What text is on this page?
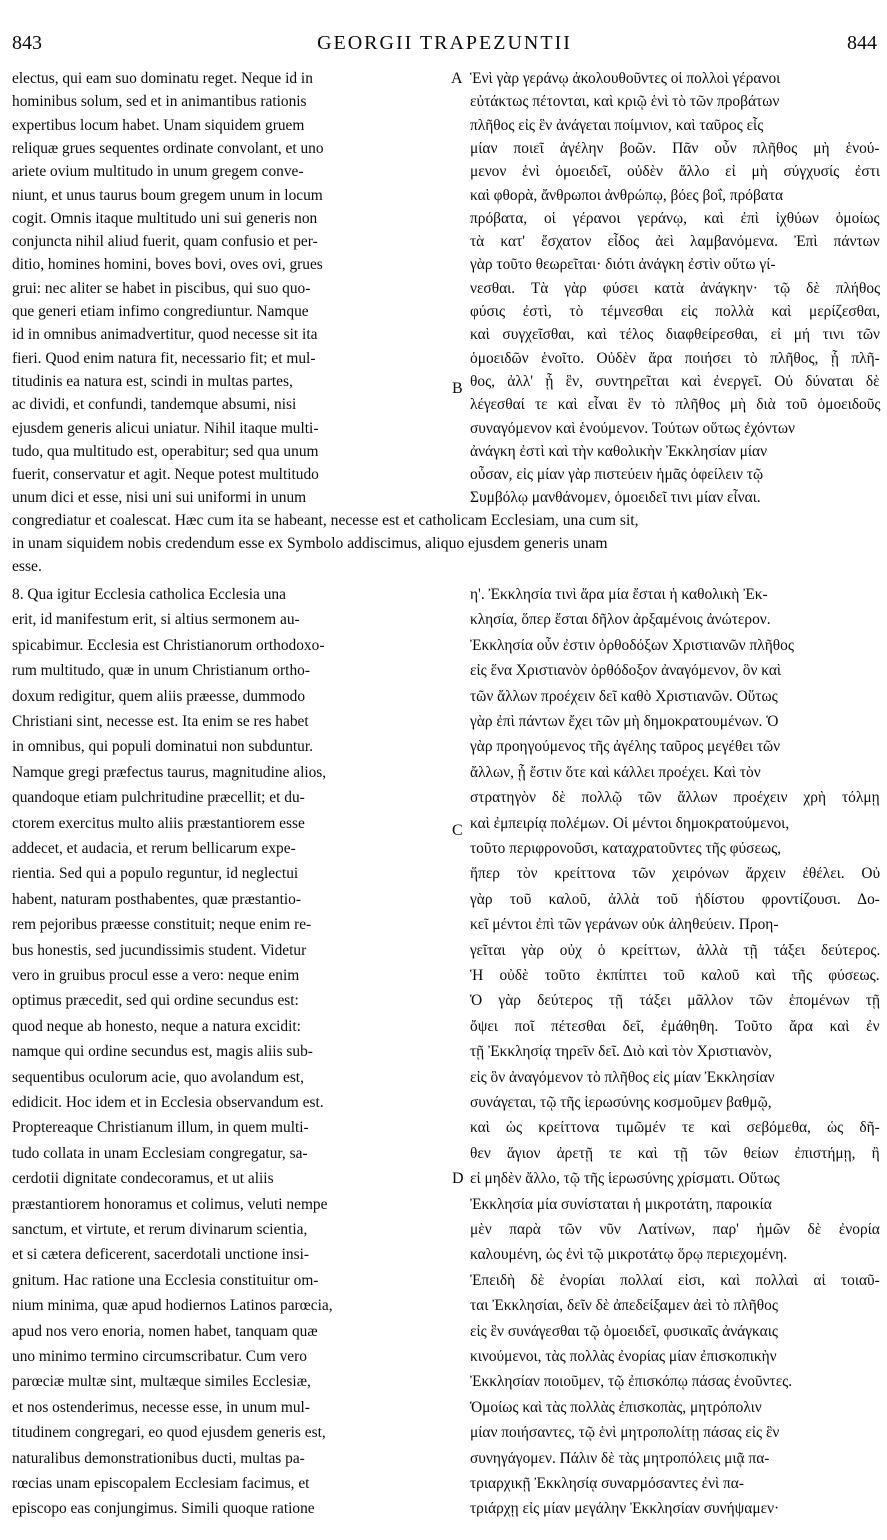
843	GEORGII TRAPEZUNTII	844
electus, qui eam suo dominatu reget. Neque id in
hominibus solum, sed et in animantibus rationis
expertibus locum habet. Unam siquidem gruem
reliquæ grues sequentes ordinate convolant, et uno
ariete ovium multitudo in unum gregem conve-
niunt, et unus taurus boum gregem unum in locum
cogit. Omnis itaque multitudo uni sui generis non
conjuncta nihil aliud fuerit, quam confusio et per-
ditio, homines homini, boves bovi, oves ovi, grues
grui: nec aliter se habet in piscibus, qui suo quo-
que generi etiam infimo congrediuntur. Namque
id in omnibus animadvertitur, quod necesse sit ita
fieri. Quod enim natura fit, necessario fit; et mul-
titudinis ea natura est, scindi in multas partes,
ac dividi, et confundi, tandemque absumi, nisi
ejusdem generis alicui uniatur. Nihil itaque multi-
tudo, qua multitudo est, operabitur; sed qua unum
fuerit, conservatur et agit. Neque potest multitudo
unum dici et esse, nisi uni sui uniformi in unum
Ἑνὶ γὰρ γεράνῳ ἀκολουθοῦντες οἱ πολλοὶ γέρανοι
εὐτάκτως πέτονται, καὶ κριῷ ἑνὶ τὸ τῶν προβάτων
πλῆθος εἰς ἓν ἀνάγεται ποίμνιον, καὶ ταῦρος εἷς
μίαν ποιεῖ ἀγέλην βοῶν. Πᾶν οὖν πλῆθος μὴ ἑνού-
μενον ἑνὶ ὁμοειδεῖ, οὐδὲν ἄλλο εἰ μὴ σύγχυσίς ἐστι
καὶ φθορὰ, ἄνθρωποι ἀνθρώπῳ, βόες βοΐ, πρόβατα
πρόβατα, οἱ γέρανοι γεράνῳ, καὶ ἐπὶ ἰχθύων ὁμοίως
τὰ κατ' ἔσχατον εἶδος ἀεὶ λαμβανόμενα. Ἐπὶ πάντων
γὰρ τοῦτο θεωρεῖται· διότι ἀνάγκη ἐστὶν οὕτω γί-
νεσθαι. Τὰ γὰρ φύσει κατὰ ἀνάγκην· τῷ δὲ πλήθος
φύσις ἐστὶ, τὸ τέμνεσθαι εἰς πολλὰ καὶ μερίζεσθαι,
καὶ συγχεῖσθαι, καὶ τέλος διαφθείρεσθαι, εἰ μή τινι τῶν
ὁμοειδῶν ἑνοῖτο. Οὐδὲν ἄρα ποιήσει τὸ πλῆθος, ᾗ πλῆ-
θος, ἀλλ' ᾗ ἓν, συντηρεῖται καὶ ἐνεργεῖ. Οὐ δύναται δὲ
λέγεσθαί τε καὶ εἶναι ἓν τὸ πλῆθος μὴ διὰ τοῦ ὁμοειδοῦς
συναγόμενον καὶ ἑνούμενον. Τούτων οὕτως ἐχόντων
ἀνάγκη ἐστὶ καὶ τὴν καθολικὴν Ἐκκλησίαν μίαν
οὖσαν, εἰς μίαν γὰρ πιστεύειν ἡμᾶς ὀφείλειν τῷ
Συμβόλῳ μανθάνομεν, ὁμοειδεῖ τινι μίαν εἶναι.
congrediatur et coalescat. Hæc cum ita se habeant, necesse est et catholicam Ecclesiam, una cum sit,
in unam siquidem nobis credendum esse ex Symbolo addiscimus, aliquo ejusdem generis unam
esse.
8. Qua igitur Ecclesia catholica Ecclesia una
erit, id manifestum erit, si altius sermonem au-
spicabimur. Ecclesia est Christianorum orthodoxo-
rum multitudo, quæ in unum Christianum ortho-
doxum redigitur, quem aliis præesse, dummodo
Christiani sint, necesse est. Ita enim se res habet
in omnibus, qui populi dominatui non subduntur.
Namque gregi præfectus taurus, magnitudine alios,
quandoque etiam pulchritudine præcellit; et du-
ctorem exercitus multo aliis præstantiorem esse
addecet, et audacia, et rerum bellicarum expe-
rientia. Sed qui a populo reguntur, id neglectui
habent, naturam posthabentes, quæ præstantio-
rem pejoribus præesse constituit; neque enim re-
bus honestis, sed jucundissimis student. Videtur
vero in gruibus procul esse a vero: neque enim
optimus præcedit, sed qui ordine secundus est:
quod neque ab honesto, neque a natura excidit:
namque qui ordine secundus est, magis aliis sub-
sequentibus oculorum acie, quo avolandum est,
edidicit. Hoc idem et in Ecclesia observandum est.
Proptereaque Christianum illum, in quem multi-
tudo collata in unam Ecclesiam congregatur, sa-
cerdotii dignitate condecoramus, et ut aliis
præstantiorem honoramus et colimus, veluti nempe
sanctum, et virtute, et rerum divinarum scientia,
et si cætera deficerent, sacerdotali unctione insi-
gnitum. Hac ratione una Ecclesia constituitur om-
nium minima, quæ apud hodiernos Latinos parœcia,
apud nos vero enoria, nomen habet, tanquam quæ
uno minimo termino circumscribatur. Cum vero
parœciæ multæ sint, multæque similes Ecclesiæ,
et nos ostenderimus, necesse esse, in unum mul-
titudinem congregari, eo quod ejusdem generis est,
naturalibus demonstrationibus ducti, multas pa-
rœcias unam episcopalem Ecclesiam facimus, et
episcopo eas conjungimus. Simili quoque ratione
η'. Ἐκκλησία τινὶ ἄρα μία ἔσται ἡ καθολικὴ Ἐκ-
κλησία, ὅπερ ἔσται δῆλον ἀρξαμένοις ἀνώτερον.
Ἐκκλησία οὖν ἐστιν ὀρθοδόξων Χριστιανῶν πλῆθος
εἰς ἕνα Χριστιανὸν ὀρθόδοξον ἀναγόμενον, ὃν καὶ
τῶν ἄλλων προέχειν δεῖ καθὸ Χριστιανῶν. Οὕτως
γὰρ ἐπὶ πάντων ἔχει τῶν μὴ δημοκρατουμένων. Ὁ
γὰρ προηγούμενος τῆς ἀγέλης ταῦρος μεγέθει τῶν
ἄλλων, ᾗ ἔστιν ὅτε καὶ κάλλει προέχει. Καὶ τὸν
στρατηγὸν δὲ πολλῷ τῶν ἄλλων προέχειν χρὴ τόλμῃ
καὶ ἐμπειρίᾳ πολέμων. Οἱ μέντοι δημοκρατούμενοι,
τοῦτο περιφρονοῦσι, καταχρατοῦντες τῆς φύσεως,
ἥπερ τὸν κρείττονα τῶν χειρόνων ἄρχειν ἐθέλει. Οὐ
γὰρ τοῦ καλοῦ, ἀλλὰ τοῦ ἡδίστου φροντίζουσι. Δο-
κεῖ μέντοι ἐπὶ τῶν γεράνων οὐκ ἀληθεύειν. Προη-
γεῖται γὰρ οὐχ ὁ κρείττων, ἀλλὰ τῇ τάξει δεύτερος.
Ἡ οὐδὲ τοῦτο ἐκπίπτει τοῦ καλοῦ καὶ τῆς φύσεως.
Ὁ γὰρ δεύτερος τῇ τάξει μᾶλλον τῶν ἑπομένων τῇ
ὄψει ποῖ πέτεσθαι δεῖ, ἐμάθηθη. Τοῦτο ἄρα καὶ ἐν
τῇ Ἐκκλησίᾳ τηρεῖν δεῖ. Διὸ καὶ τὸν Χριστιανὸν,
εἰς ὃν ἀναγόμενον τὸ πλῆθος εἰς μίαν Ἐκκλησίαν
συνάγεται, τῷ τῆς ἱερωσύνης κοσμοῦμεν βαθμῷ,
καὶ ὡς κρείττονα τιμῶμέν τε καὶ σεβόμεθα, ὡς δῆ-
θεν ἅγιον ἀρετῇ τε καὶ τῇ τῶν θείων ἐπιστήμῃ, ἢ
εἰ μηδὲν ἄλλο, τῷ τῆς ἱερωσύνης χρίσματι. Οὕτως
Ἐκκλησία μία συνίσταται ἡ μικροτάτη, παροικία
μὲν παρὰ τῶν νῦν Λατίνων, παρ' ἡμῶν δὲ ἐνορία
καλουμένη, ὡς ἑνὶ τῷ μικροτάτῳ ὅρῳ περιεχομένη.
Ἐπειδὴ δὲ ἐνορίαι πολλαί εἰσι, καὶ πολλαὶ αἱ τοιαῦ-
ται Ἐκκλησίαι, δεῖν δὲ ἀπεδείξαμεν ἀεὶ τὸ πλῆθος
εἰς ἓν συνάγεσθαι τῷ ὁμοειδεῖ, φυσικαῖς ἀνάγκαις
κινούμενοι, τὰς πολλὰς ἐνορίας μίαν ἐπισκοπικὴν
Ἐκκλησίαν ποιοῦμεν, τῷ ἐπισκόπῳ πάσας ἑνοῦντες.
Ὁμοίως καὶ τὰς πολλὰς ἐπισκοπὰς, μητρόπολιν
μίαν ποιήσαντες, τῷ ἑνὶ μητροπολίτῃ πάσας εἰς ἓν
συνηγάγομεν. Πάλιν δὲ τὰς μητροπόλεις μιᾷ πα-
τριαρχικῇ Ἐκκλησίᾳ συναρμόσαντες ἐνὶ πα-
τριάρχῃ εἰς μίαν μεγάλην Ἐκκλησίαν συνήψαμεν·
A
B
C
D
